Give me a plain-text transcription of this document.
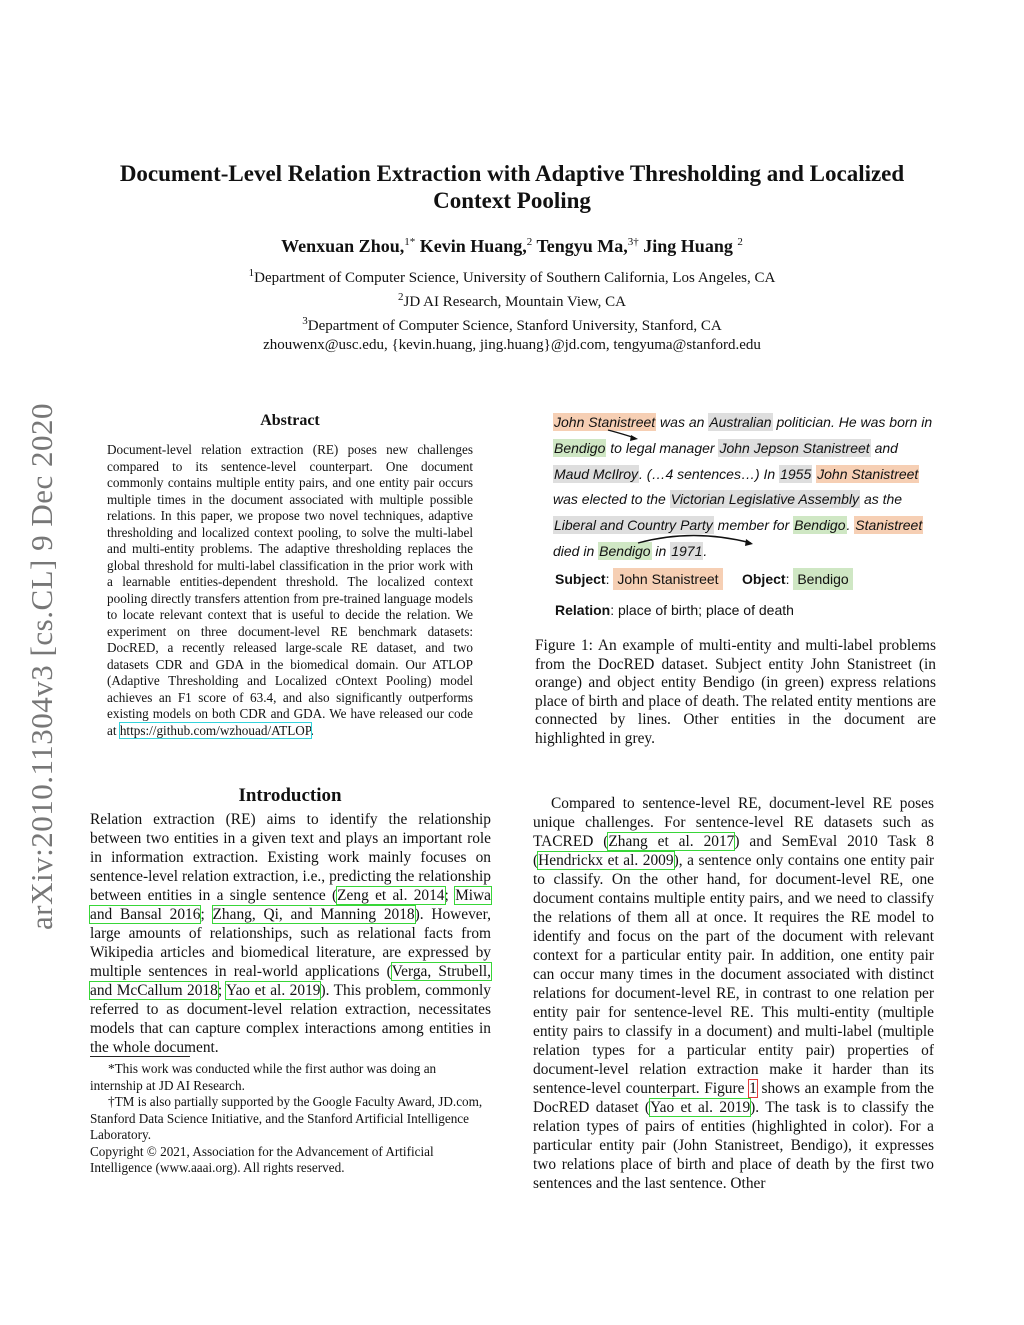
arXiv:2010.11304v3 [cs.CL] 9 Dec 2020
Document-Level Relation Extraction with Adaptive Thresholding and Localized
Context Pooling
Wenxuan Zhou,$^{1*}$ Kevin Huang,$^2$ Tengyu Ma,$^{3\dagger}$ Jing Huang $^2$
$^1$Department of Computer Science, University of Southern California, Los Angeles, CA
$^2$JD AI Research, Mountain View, CA
$^3$Department of Computer Science, Stanford University, Stanford, CA
zhouwenx@usc.edu, {kevin.huang, jing.huang}@jd.com, tengyuma@stanford.edu
Abstract
Document-level relation extraction (RE) poses new challenges compared to its sentence-level counterpart. One document commonly contains multiple entity pairs, and one entity pair occurs multiple times in the document associated with multiple possible relations. In this paper, we propose two novel techniques, adaptive thresholding and localized context pooling, to solve the multi-label and multi-entity problems. The adaptive thresholding replaces the global threshold for multi-label classification in the prior work with a learnable entities-dependent threshold. The localized context pooling directly transfers attention from pre-trained language models to locate relevant context that is useful to decide the relation. We experiment on three document-level RE benchmark datasets: DocRED, a recently released large-scale RE dataset, and two datasets CDR and GDA in the biomedical domain. Our ATLOP (Adaptive Thresholding and Localized cOntext Pooling) model achieves an F1 score of 63.4, and also significantly outperforms existing models on both CDR and GDA. We have released our code at https://github.com/wzhouad/ATLOP.
Introduction

Relation extraction (RE) aims to identify the relationship between two entities in a given text and plays an important role in information extraction. Existing work mainly focuses on sentence-level relation extraction, i.e., predicting the relationship between entities in a single sentence (Zeng et al. 2014; Miwa and Bansal 2016; Zhang, Qi, and Manning 2018). However, large amounts of relationships, such as relational facts from Wikipedia articles and biomedical literature, are expressed by multiple sentences in real-world applications (Verga, Strubell, and McCallum 2018; Yao et al. 2019). This problem, commonly referred to as document-level relation extraction, necessitates models that can capture complex interactions among entities in the whole document.

*This work was conducted while the first author was doing an internship at JD AI Research.

†TM is also partially supported by the Google Faculty Award, JD.com, Stanford Data Science Initiative, and the Stanford Artificial Intelligence Laboratory.

Copyright © 2021, Association for the Advancement of Artificial Intelligence (www.aaai.org). All rights reserved.

John Stanistreet was an Australian politician. He was born in Bendigo to legal manager John Jepson Stanistreet and Maud McIlroy. (…4 sentences…) In 1955 John Stanistreet was elected to the Victorian Legislative Assembly as the Liberal and Country Party member for Bendigo. Stanistreet died in Bendigo in 1971.
Subject: John Stanistreet Object: Bendigo
Relation: place of birth; place of death
Figure 1: An example of multi-entity and multi-label problems from the DocRED dataset. Subject entity John Stanistreet (in orange) and object entity Bendigo (in green) express relations place of birth and place of death. The related entity mentions are connected by lines. Other entities in the document are highlighted in grey.

Compared to sentence-level RE, document-level RE poses unique challenges. For sentence-level RE datasets such as TACRED (Zhang et al. 2017) and SemEval 2010 Task 8 (Hendrickx et al. 2009), a sentence only contains one entity pair to classify. On the other hand, for document-level RE, one document contains multiple entity pairs, and we need to classify the relations of them all at once. It requires the RE model to identify and focus on the part of the document with relevant context for a particular entity pair. In addition, one entity pair can occur many times in the document associated with distinct relations for document-level RE, in contrast to one relation per entity pair for sentence-level RE. This multi-entity (multiple entity pairs to classify in a document) and multi-label (multiple relation types for a particular entity pair) properties of document-level relation extraction make it harder than its sentence-level counterpart. Figure 1 shows an example from the DocRED dataset (Yao et al. 2019). The task is to classify the relation types of pairs of entities (highlighted in color). For a particular entity pair (John Stanistreet, Bendigo), it expresses two relations place of birth and place of death by the first two sentences and the last sentence. Other
